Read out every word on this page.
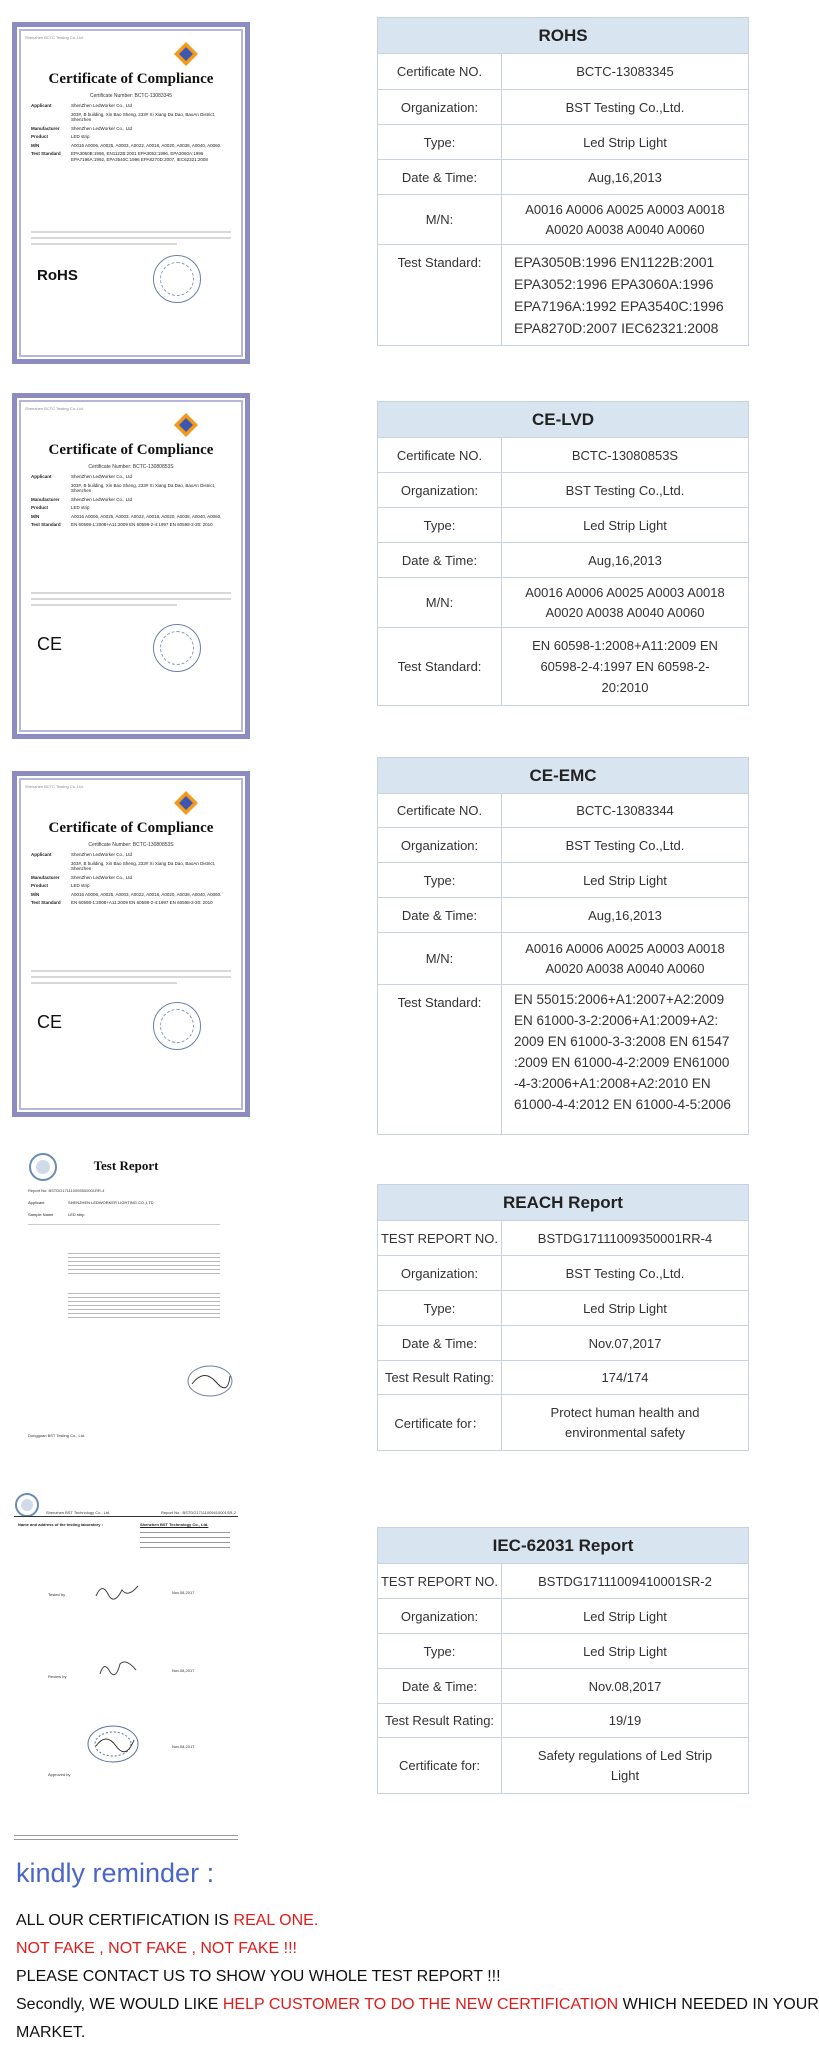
Shenzhen BCTC Testing Co.,Ltd.
Certificate of Compliance
Certificate Number: BCTC-13083345
Applicant	ShenZhen LedWorker Co., Ltd
303#, B building, Xin Bao Sheng, 233# Xi Xiang Da Dao, BaoAn District, Shenzhen
Manufacturer	ShenZhen LedWorker Co., Ltd
Product	LED strip
M/N	A0016 A0006, A0025, A0003, A0022, A0018, A0020, A0038, A0040, A0060.
Test Standard	EPA3050B:1996, EN1122B:2001 EPA3052:1996, EPA3060A:1996 EPA7196A:1992, EPA3540C:1996 EPA8270D:2007, IEC62321:2008
RoHS

ROHS	
Certificate NO.	BCTC-13083345
Organization:	BST Testing Co.,Ltd.
Type:	Led Strip Light
Date & Time:	Aug,16,2013
M/N:	A0016 A0006 A0025 A0003 A0018 A0020 A0038 A0040 A0060
Test Standard:	EPA3050B:1996 EN1122B:2001 EPA3052:1996 EPA3060A:1996 EPA7196A:1992 EPA3540C:1996 EPA8270D:2007 IEC62321:2008
Shenzhen BCTC Testing Co.,Ltd.
Certificate of Compliance
Certificate Number: BCTC-13080853S
Applicant	ShenZhen LedWorker Co., Ltd
303#, B building, Xin Bao Sheng, 233# Xi Xiang Da Dao, BaoAn District, Shenzhen
Manufacturer	ShenZhen LedWorker Co., Ltd
Product	LED strip
M/N	A0016 A0006, A0025, A0003, A0022, A0018, A0020, A0038, A0040, A0060.
Test Standard	EN 60598-1:2008+A11:2009 EN 60598-2-4:1997 EN 60598-2-20: 2010
CE
CE-LVD	
Certificate NO.	BCTC-13080853S
Organization:	BST Testing Co.,Ltd.
Type:	Led Strip Light
Date & Time:	Aug,16,2013
M/N:	A0016 A0006 A0025 A0003 A0018 A0020 A0038 A0040 A0060
Test Standard:	EN 60598-1:2008+A11:2009 EN 60598-2-4:1997 EN 60598-2-20:2010
Shenzhen BCTC Testing Co.,Ltd.
Certificate of Compliance
Certificate Number: BCTC-13080853S
Applicant	ShenZhen LedWorker Co., Ltd
303#, B building, Xin Bao Sheng, 233# Xi Xiang Da Dao, BaoAn District, Shenzhen
Manufacturer	ShenZhen LedWorker Co., Ltd
Product	LED strip
M/N	A0016 A0006, A0025, A0003, A0022, A0018, A0020, A0038, A0040, A0060.
Test Standard	EN 60598-1:2008+A11:2009 EN 60598-2-4:1997 EN 60598-2-20: 2010
CE
CE-EMC	
Certificate NO.	BCTC-13083344
Organization:	BST Testing Co.,Ltd.
Type:	Led Strip Light
Date & Time:	Aug,16,2013
M/N:	A0016 A0006 A0025 A0003 A0018 A0020 A0038 A0040 A0060
Test Standard:	EN 55015:2006+A1:2007+A2:2009 EN 61000-3-2:2006+A1:2009+A2: 2009 EN 61000-3-3:2008 EN 61547 :2009 EN 61000-4-2:2009 EN61000 -4-3:2006+A1:2008+A2:2010 EN 61000-4-4:2012 EN 61000-4-5:2006
Test Report
Report No: BSTDG171110093500001RR-4
Applicant	SHENZHEN LEDWORKER LIGHTING CO.,LTD
Sample Name	LED strip
Dongguan BST Testing Co., Ltd.
REACH Report	
TEST REPORT NO.	BSTDG17111009350001RR-4
Organization:	BST Testing Co.,Ltd.
Type:	Led Strip Light
Date & Time:	Nov.07,2017
Test Result Rating:	174/174
Certificate for：	Protect human health and environmental safety
Shenzhen BST Technology Co., Ltd.	Report No.: BSTDG17111009410001SR-2
Name and address of the testing laboratory :	Shenzhen BST Technology Co., Ltd.
Tested by	Nov.08,2017
Review by
Nov.08,2017
Approved by
Nov.08,2017
IEC-62031 Report	
TEST REPORT NO.	BSTDG17111009410001SR-2
Organization:	Led Strip Light
Type:	Led Strip Light
Date & Time:	Nov.08,2017
Test Result Rating:	19/19
Certificate for:	Safety regulations of Led Strip Light
kindly reminder :
ALL OUR CERTIFICATION IS REAL ONE.
NOT FAKE , NOT FAKE , NOT FAKE !!!
PLEASE CONTACT US TO SHOW YOU WHOLE TEST REPORT !!!
Secondly, WE WOULD LIKE HELP CUSTOMER TO DO THE NEW CERTIFICATION WHICH NEEDED IN YOUR
MARKET.
